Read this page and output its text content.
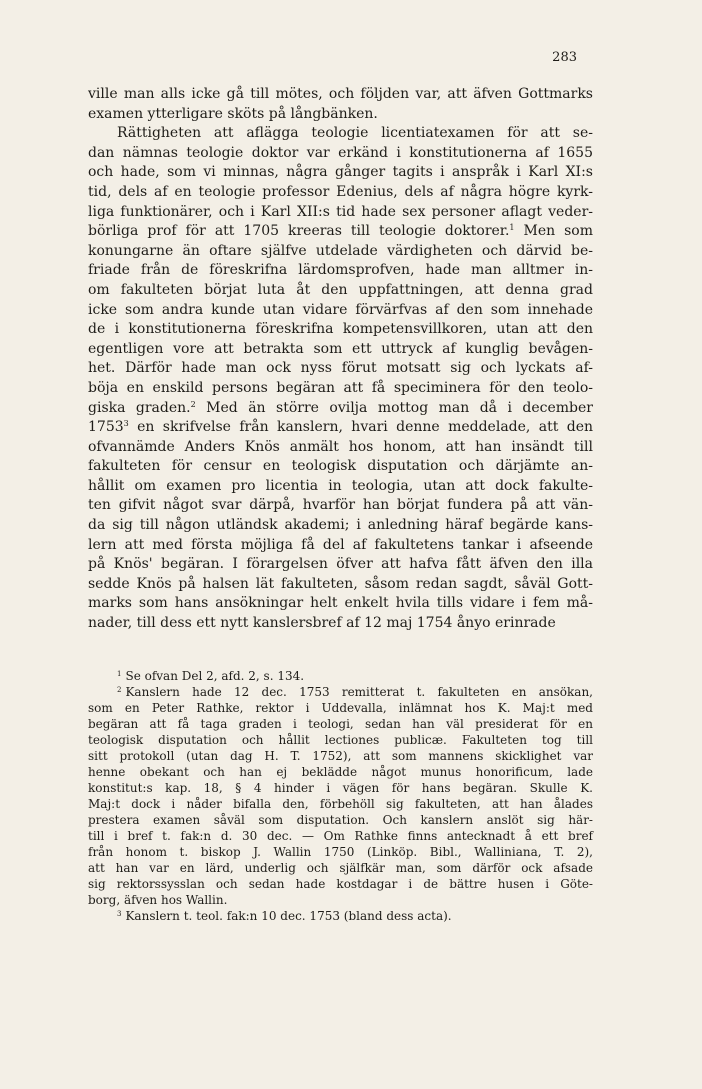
283
ville man alls icke gå till mötes, och följden var, att äfven Gottmarks
examen ytterligare sköts på långbänken.
Rättigheten att aflägga teologie licentiatexamen för att se-
dan nämnas teologie doktor var erkänd i konstitutionerna af 1655
och hade, som vi minnas, några gånger tagits i anspråk i Karl XI:s
tid, dels af en teologie professor Edenius, dels af några högre kyrk-
liga funktionärer, och i Karl XII:s tid hade sex personer aflagt veder-
börliga prof för att 1705 kreeras till teologie doktorer.$^1$ Men som
konungarne än oftare själfve utdelade värdigheten och därvid be-
friade från de föreskrifna lärdomsprofven, hade man alltmer in-
om fakulteten börjat luta åt den uppfattningen, att denna grad
icke som andra kunde utan vidare förvärfvas af den som innehade
de i konstitutionerna föreskrifna kompetensvillkoren, utan att den
egentligen vore att betrakta som ett uttryck af kunglig bevågen-
het. Därför hade man ock nyss förut motsatt sig och lyckats af-
böja en enskild persons begäran att få speciminera för den teolo-
giska graden.$^2$ Med än större ovilja mottog man då i december
1753$^3$ en skrifvelse från kanslern, hvari denne meddelade, att den
ofvannämde Anders Knös anmält hos honom, att han insändt till
fakulteten för censur en teologisk disputation och därjämte an-
hållit om examen pro licentia in teologia, utan att dock fakulte-
ten gifvit något svar därpå, hvarför han börjat fundera på att vän-
da sig till någon utländsk akademi; i anledning häraf begärde kans-
lern att med första möjliga få del af fakultetens tankar i afseende
på Knös' begäran. I förargelsen öfver att hafva fått äfven den illa
sedde Knös på halsen lät fakulteten, såsom redan sagdt, såväl Gott-
marks som hans ansökningar helt enkelt hvila tills vidare i fem må-
nader, till dess ett nytt kanslersbref af 12 maj 1754 ånyo erinrade
$^1$ Se ofvan Del 2, afd. 2, s. 134.
$^2$ Kanslern hade 12 dec. 1753 remitterat t. fakulteten en ansökan,
som en Peter Rathke, rektor i Uddevalla, inlämnat hos K. Maj:t med
begäran att få taga graden i teologi, sedan han väl presiderat för en
teologisk disputation och hållit lectiones publicæ. Fakulteten tog till
sitt protokoll (utan dag H. T. 1752), att som mannens skicklighet var
henne obekant och han ej beklädde något munus honorificum, lade
konstitut:s kap. 18, § 4 hinder i vägen för hans begäran. Skulle K.
Maj:t dock i nåder bifalla den, förbehöll sig fakulteten, att han ålades
prestera examen såväl som disputation. Och kanslern anslöt sig här-
till i bref t. fak:n d. 30 dec. — Om Rathke finns antecknadt å ett bref
från honom t. biskop J. Wallin 1750 (Linköp. Bibl., Walliniana, T. 2),
att han var en lärd, underlig och själfkär man, som därför ock afsade
sig rektorssysslan och sedan hade kostdagar i de bättre husen i Göte-
borg, äfven hos Wallin.
$^3$ Kanslern t. teol. fak:n 10 dec. 1753 (bland dess acta).
